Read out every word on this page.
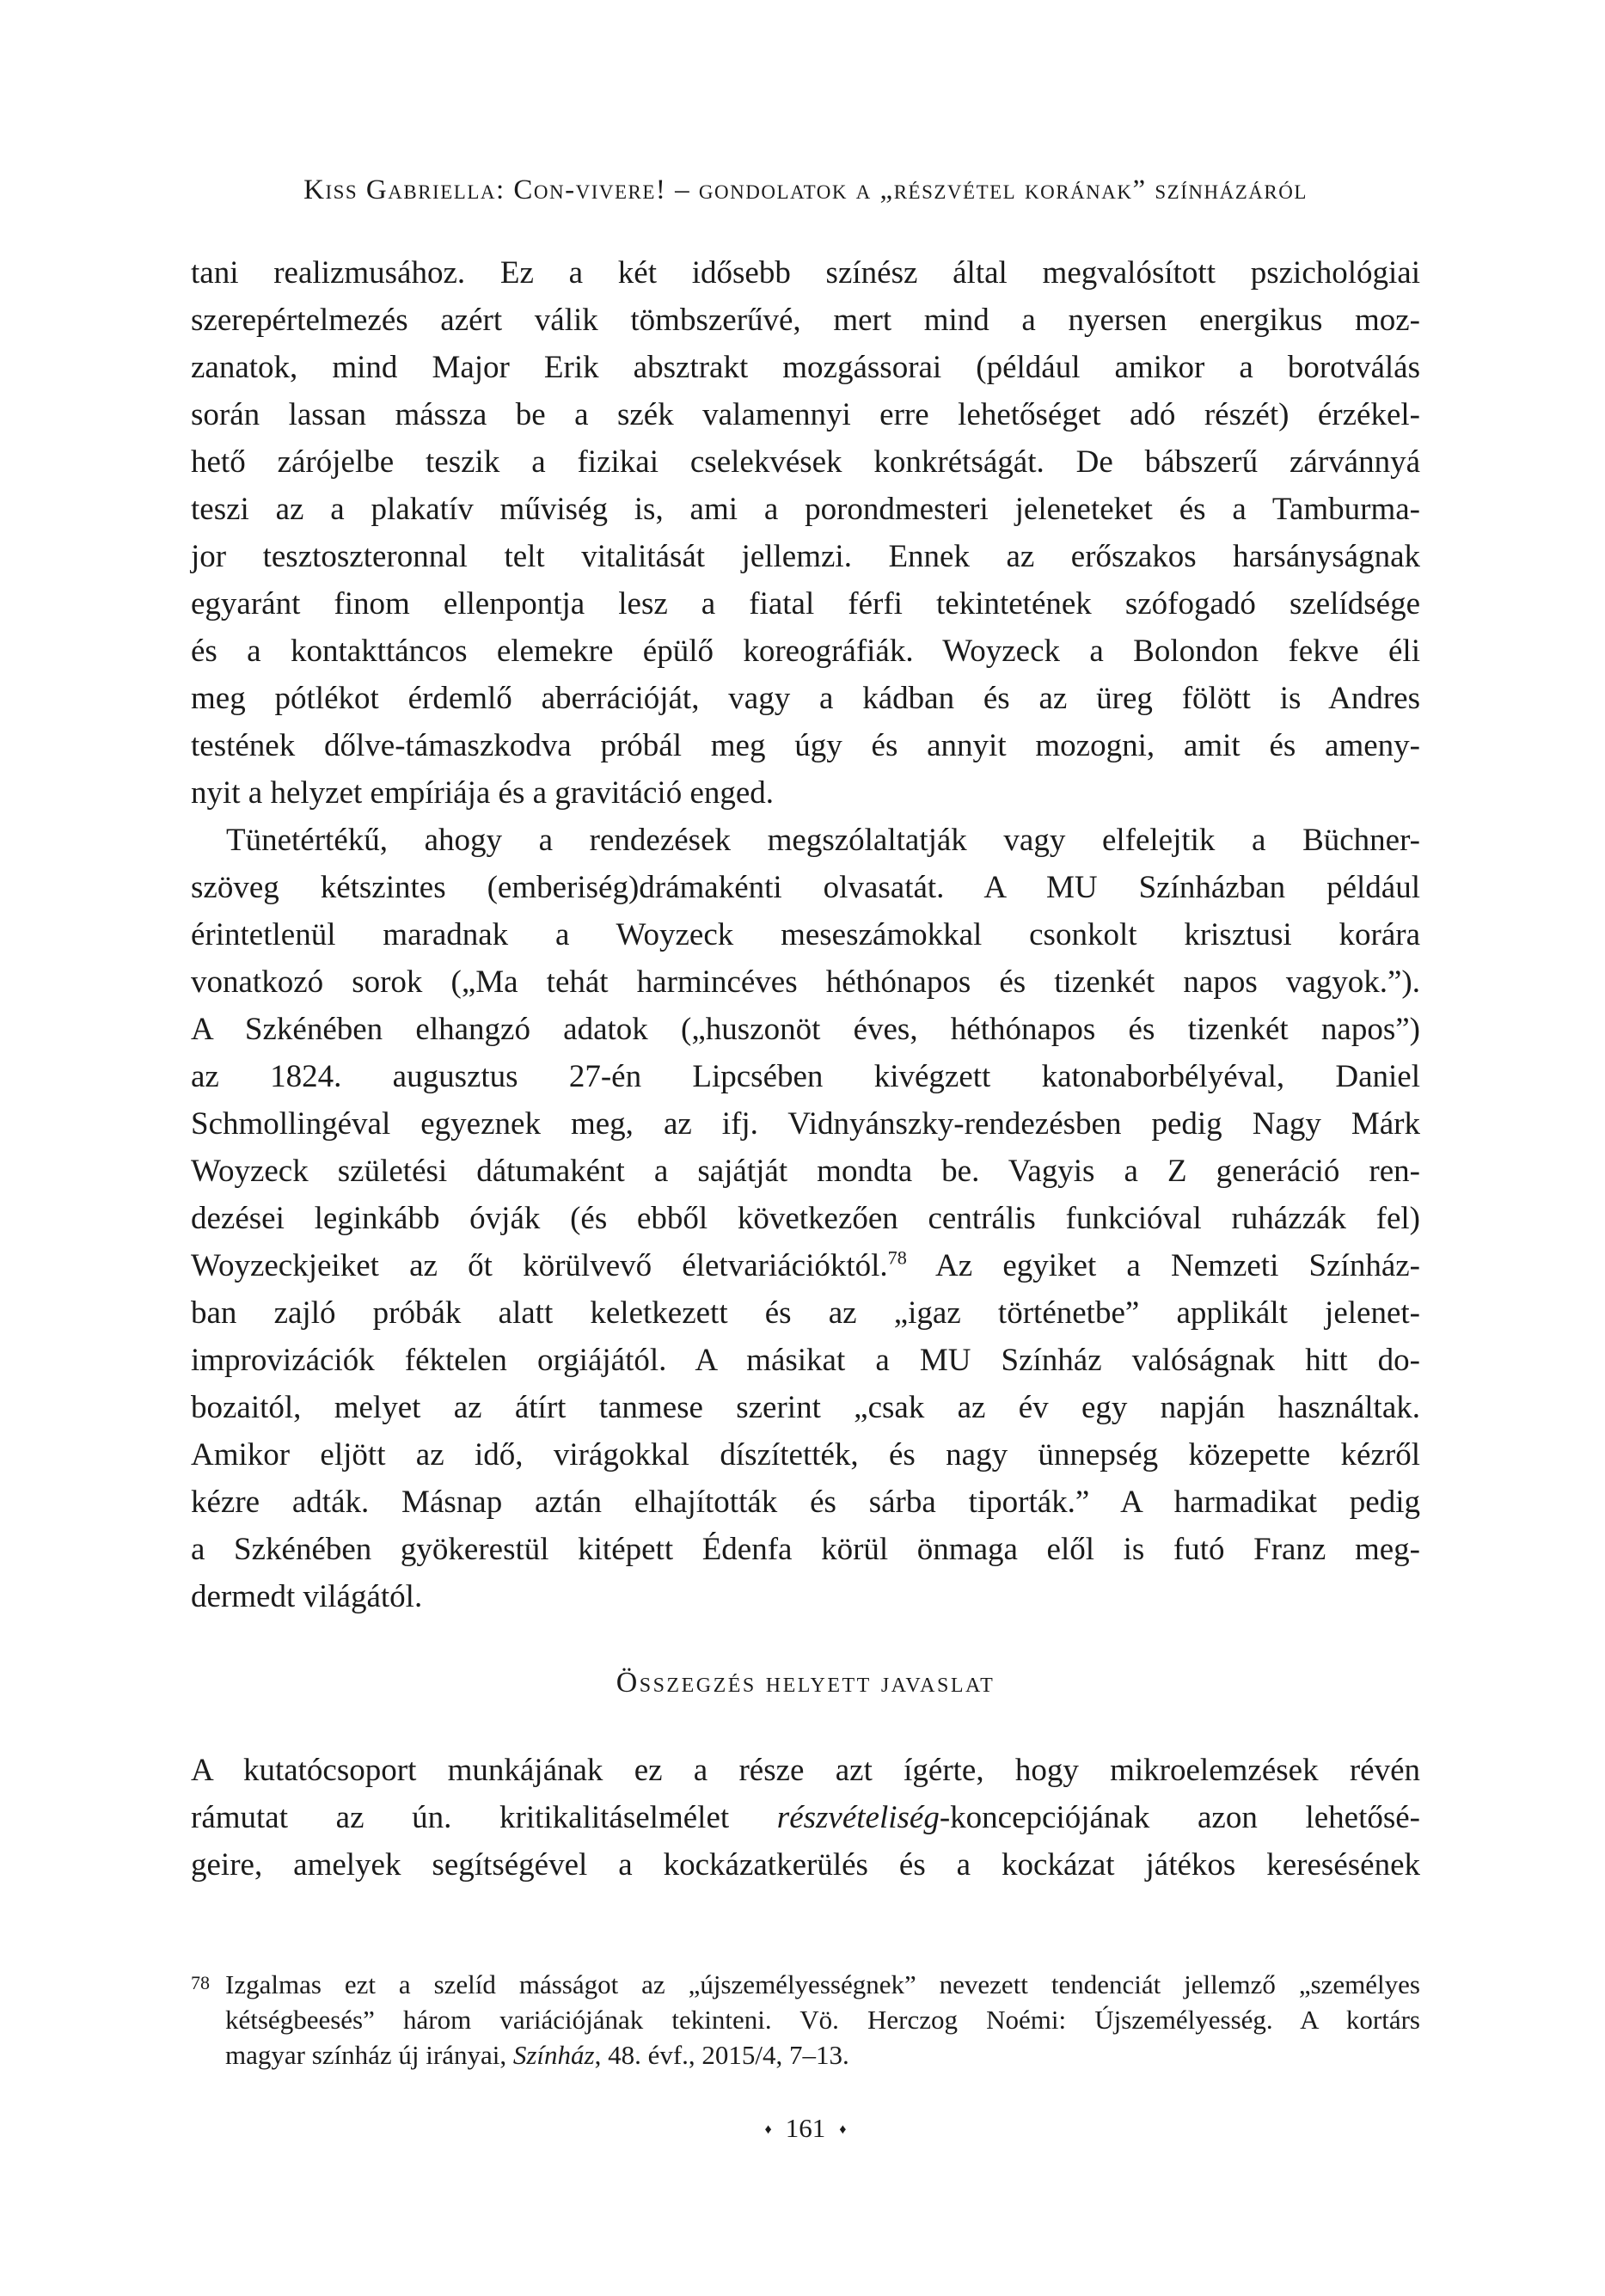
Kiss Gabriella: Con-vivere! – gondolatok a „részvétel korának” színházáról
tani realizmusához. Ez a két idősebb színész által megvalósított pszichológiai
szerepértelmezés azért válik tömbszerűvé, mert mind a nyersen energikus moz-
zanatok, mind Major Erik absztrakt mozgássorai (például amikor a borotválás
során lassan mássza be a szék valamennyi erre lehetőséget adó részét) érzékel-
hető zárójelbe teszik a fizikai cselekvések konkrétságát. De bábszerű zárvánnyá
teszi az a plakatív műviség is, ami a porondmesteri jeleneteket és a Tamburma-
jor tesztoszteronnal telt vitalitását jellemzi. Ennek az erőszakos harsányságnak
egyaránt finom ellenpontja lesz a fiatal férfi tekintetének szófogadó szelídsége
és a kontakttáncos elemekre épülő koreográfiák. Woyzeck a Bolondon fekve éli
meg pótlékot érdemlő aberrációját, vagy a kádban és az üreg fölött is Andres
testének dőlve-támaszkodva próbál meg úgy és annyit mozogni, amit és ameny-
nyit a helyzet empíriája és a gravitáció enged.
Tünetértékű, ahogy a rendezések megszólaltatják vagy elfelejtik a Büchner-
szöveg kétszintes (emberiség)drámakénti olvasatát. A MU Színházban például
érintetlenül maradnak a Woyzeck meseszámokkal csonkolt krisztusi korára
vonatkozó sorok („Ma tehát harmincéves héthónapos és tizenkét napos vagyok.”).
A Szkénében elhangzó adatok („huszonöt éves, héthónapos és tizenkét napos”)
az 1824. augusztus 27-én Lipcsében kivégzett katonaborbélyéval, Daniel
Schmollingéval egyeznek meg, az ifj. Vidnyánszky-rendezésben pedig Nagy Márk
Woyzeck születési dátumaként a sajátját mondta be. Vagyis a Z generáció ren-
dezései leginkább óvják (és ebből következően centrális funkcióval ruházzák fel)
Woyzeckjeiket az őt körülvevő életvariációktól.$^{78}$ Az egyiket a Nemzeti Színház-
ban zajló próbák alatt keletkezett és az „igaz történetbe” applikált jelenet-
improvizációk féktelen orgiájától. A másikat a MU Színház valóságnak hitt do-
bozaitól, melyet az átírt tanmese szerint „csak az év egy napján használtak.
Amikor eljött az idő, virágokkal díszítették, és nagy ünnepség közepette kézről
kézre adták. Másnap aztán elhajították és sárba tiporták.” A harmadikat pedig
a Szkénében gyökerestül kitépett Édenfa körül önmaga elől is futó Franz meg-
dermedt világától.
Összegzés helyett javaslat
A kutatócsoport munkájának ez a része azt ígérte, hogy mikroelemzések révén
rámutat az ún. kritikalitáselmélet részvételiség-koncepciójának azon lehetősé-
geire, amelyek segítségével a kockázatkerülés és a kockázat játékos keresésének
78 Izgalmas ezt a szelíd másságot az „újszemélyességnek” nevezett tendenciát jellemző „személyes
kétségbeesés” három variációjának tekinteni. Vö. Herczog Noémi: Újszemélyesség. A kortárs
magyar színház új irányai, Színház, 48. évf., 2015/4, 7–13.
♦ 161 ♦
